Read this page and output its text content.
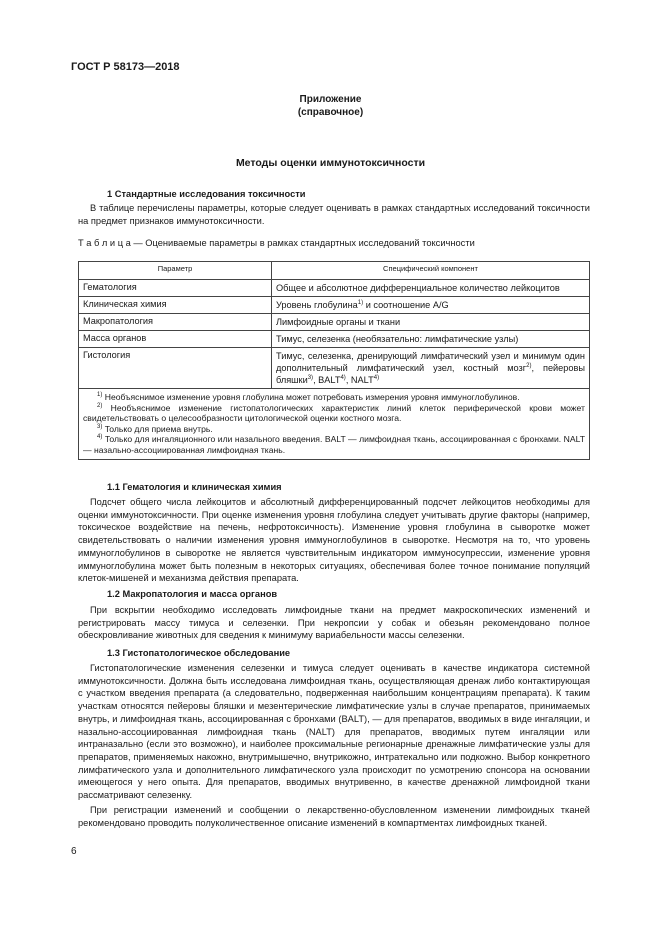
ГОСТ Р 58173—2018
Приложение
(справочное)
Методы оценки иммунотоксичности
1 Стандартные исследования токсичности
В таблице перечислены параметры, которые следует оценивать в рамках стандартных исследований токсичности на предмет признаков иммунотоксичности.
Т а б л и ц а — Оцениваемые параметры в рамках стандартных исследований токсичности
Параметр	Специфический компонент
Гематология	Общее и абсолютное дифференциальное количество лейкоцитов
Клиническая химия	Уровень глобулина$^{1)}$ и соотношение A/G
Макропатология	Лимфоидные органы и ткани
Масса органов	Тимус, селезенка (необязательно: лимфатические узлы)
Гистология	Тимус, селезенка, дренирующий лимфатический узел и минимум один дополнительный лимфатический узел, костный мозг$^{2)}$, пейеровы бляшки$^{3)}$, BALT$^{4)}$, NALT$^{4)}$

$^{1)}$ Необъяснимое изменение уровня глобулина может потребовать измерения уровня иммуноглобулинов.
$^{2)}$ Необъяснимое изменение гистопатологических характеристик линий клеток периферической крови может свидетельствовать о целесообразности цитологической оценки костного мозга.
$^{3)}$ Только для приема внутрь.
$^{4)}$ Только для ингаляционного или назального введения. BALT — лимфоидная ткань, ассоциированная с бронхами. NALT — назально-ассоциированная лимфоидная ткань.	
1.1 Гематология и клиническая химия
Подсчет общего числа лейкоцитов и абсолютный дифференцированный подсчет лейкоцитов необходимы для оценки иммунотоксичности. При оценке изменения уровня глобулина следует учитывать другие факторы (например, токсическое воздействие на печень, нефротоксичность). Изменение уровня глобулина в сыворотке может свидетельствовать о наличии изменения уровня иммуноглобулинов в сыворотке. Несмотря на то, что уровень иммуноглобулинов в сыворотке не является чувствительным индикатором иммуносупрессии, изменение уровня иммуноглобулина может быть полезным в некоторых ситуациях, обеспечивая более точное понимание популяций клеток-мишеней и механизма действия препарата.
1.2 Макропатология и масса органов
При вскрытии необходимо исследовать лимфоидные ткани на предмет макроскопических изменений и регистрировать массу тимуса и селезенки. При некропсии у собак и обезьян рекомендовано полное обескровливание животных для сведения к минимуму вариабельности массы селезенки.
1.3 Гистопатологическое обследование
Гистопатологические изменения селезенки и тимуса следует оценивать в качестве индикатора системной иммунотоксичности. Должна быть исследована лимфоидная ткань, осуществляющая дренаж либо контактирующая с участком введения препарата (а следовательно, подверженная наибольшим концентрациям препарата). К таким участкам относятся пейеровы бляшки и мезентерические лимфатические узлы в случае препаратов, принимаемых внутрь, и лимфоидная ткань, ассоциированная с бронхами (BALT), — для препаратов, вводимых в виде ингаляции, и назально-ассоциированная лимфоидная ткань (NALT) для препаратов, вводимых путем ингаляции или интраназально (если это возможно), и наиболее проксимальные регионарные дренажные лимфатические узлы для препаратов, применяемых накожно, внутримышечно, внутрикожно, интратекально или подкожно. Выбор конкретного лимфатического узла и дополнительного лимфатического узла происходит по усмотрению спонсора на основании имеющегося у него опыта. Для препаратов, вводимых внутривенно, в качестве дренажной лимфоидной ткани рассматривают селезенку.
При регистрации изменений и сообщении о лекарственно-обусловленном изменении лимфоидных тканей рекомендовано проводить полуколичественное описание изменений в компартментах лимфоидных тканей.
6
